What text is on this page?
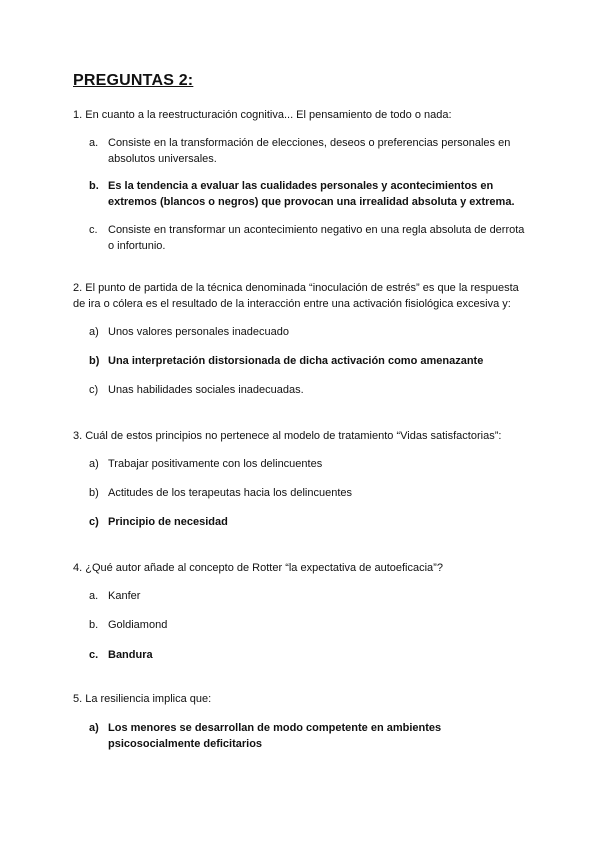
PREGUNTAS 2:
1. En cuanto a la reestructuración cognitiva... El pensamiento de todo o nada:
a. Consiste en la transformación de elecciones, deseos o preferencias personales en absolutos universales.
b. Es la tendencia a evaluar las cualidades personales y acontecimientos en extremos (blancos o negros) que provocan una irrealidad absoluta y extrema.
c. Consiste en transformar un acontecimiento negativo en una regla absoluta de derrota o infortunio.
2. El punto de partida de la técnica denominada “inoculación de estrés” es que la respuesta de ira o cólera es el resultado de la interacción entre una activación fisiológica excesiva y:
a) Unos valores personales inadecuado
b) Una interpretación distorsionada de dicha activación como amenazante
c) Unas habilidades sociales inadecuadas.
3. Cuál de estos principios no pertenece al modelo de tratamiento “Vidas satisfactorias”:
a) Trabajar positivamente con los delincuentes
b) Actitudes de los terapeutas hacia los delincuentes
c) Principio de necesidad
4. ¿Qué autor añade al concepto de Rotter “la expectativa de autoeficacia”?
a. Kanfer
b. Goldiamond
c. Bandura
5. La resiliencia implica que:
a) Los menores se desarrollan de modo competente en ambientes psicosocialmente deficitarios
